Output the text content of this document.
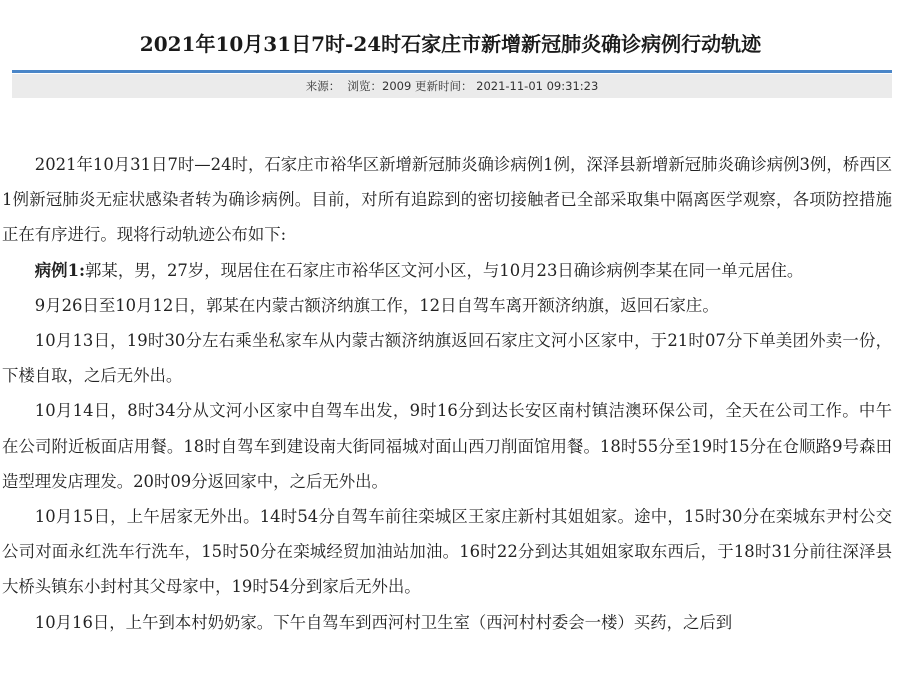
2021年10月31日7时-24时石家庄市新增新冠肺炎确诊病例行动轨迹
来源： 浏览：2009 更新时间： 2021-11-01 09:31:23

2021年10月31日7时—24时，石家庄市裕华区新增新冠肺炎确诊病例1例，深泽县新增新冠肺炎确诊病例3例，桥西区1例新冠肺炎无症状感染者转为确诊病例。目前，对所有追踪到的密切接触者已全部采取集中隔离医学观察，各项防控措施正在有序进行。现将行动轨迹公布如下:

病例1:郭某，男，27岁，现居住在石家庄市裕华区文河小区，与10月23日确诊病例李某在同一单元居住。

9月26日至10月12日，郭某在内蒙古额济纳旗工作，12日自驾车离开额济纳旗，返回石家庄。

10月13日，19时30分左右乘坐私家车从内蒙古额济纳旗返回石家庄文河小区家中，于21时07分下单美团外卖一份，下楼自取，之后无外出。

10月14日，8时34分从文河小区家中自驾车出发，9时16分到达长安区南村镇洁澳环保公司，全天在公司工作。中午在公司附近板面店用餐。18时自驾车到建设南大街同福城对面山西刀削面馆用餐。18时55分至19时15分在仓顺路9号森田造型理发店理发。20时09分返回家中，之后无外出。

10月15日，上午居家无外出。14时54分自驾车前往栾城区王家庄新村其姐姐家。途中，15时30分在栾城东尹村公交公司对面永红洗车行洗车，15时50分在栾城经贸加油站加油。16时22分到达其姐姐家取东西后，于18时31分前往深泽县大桥头镇东小封村其父母家中，19时54分到家后无外出。

10月16日，上午到本村奶奶家。下午自驾车到西河村卫生室（西河村村委会一楼）买药，之后到
